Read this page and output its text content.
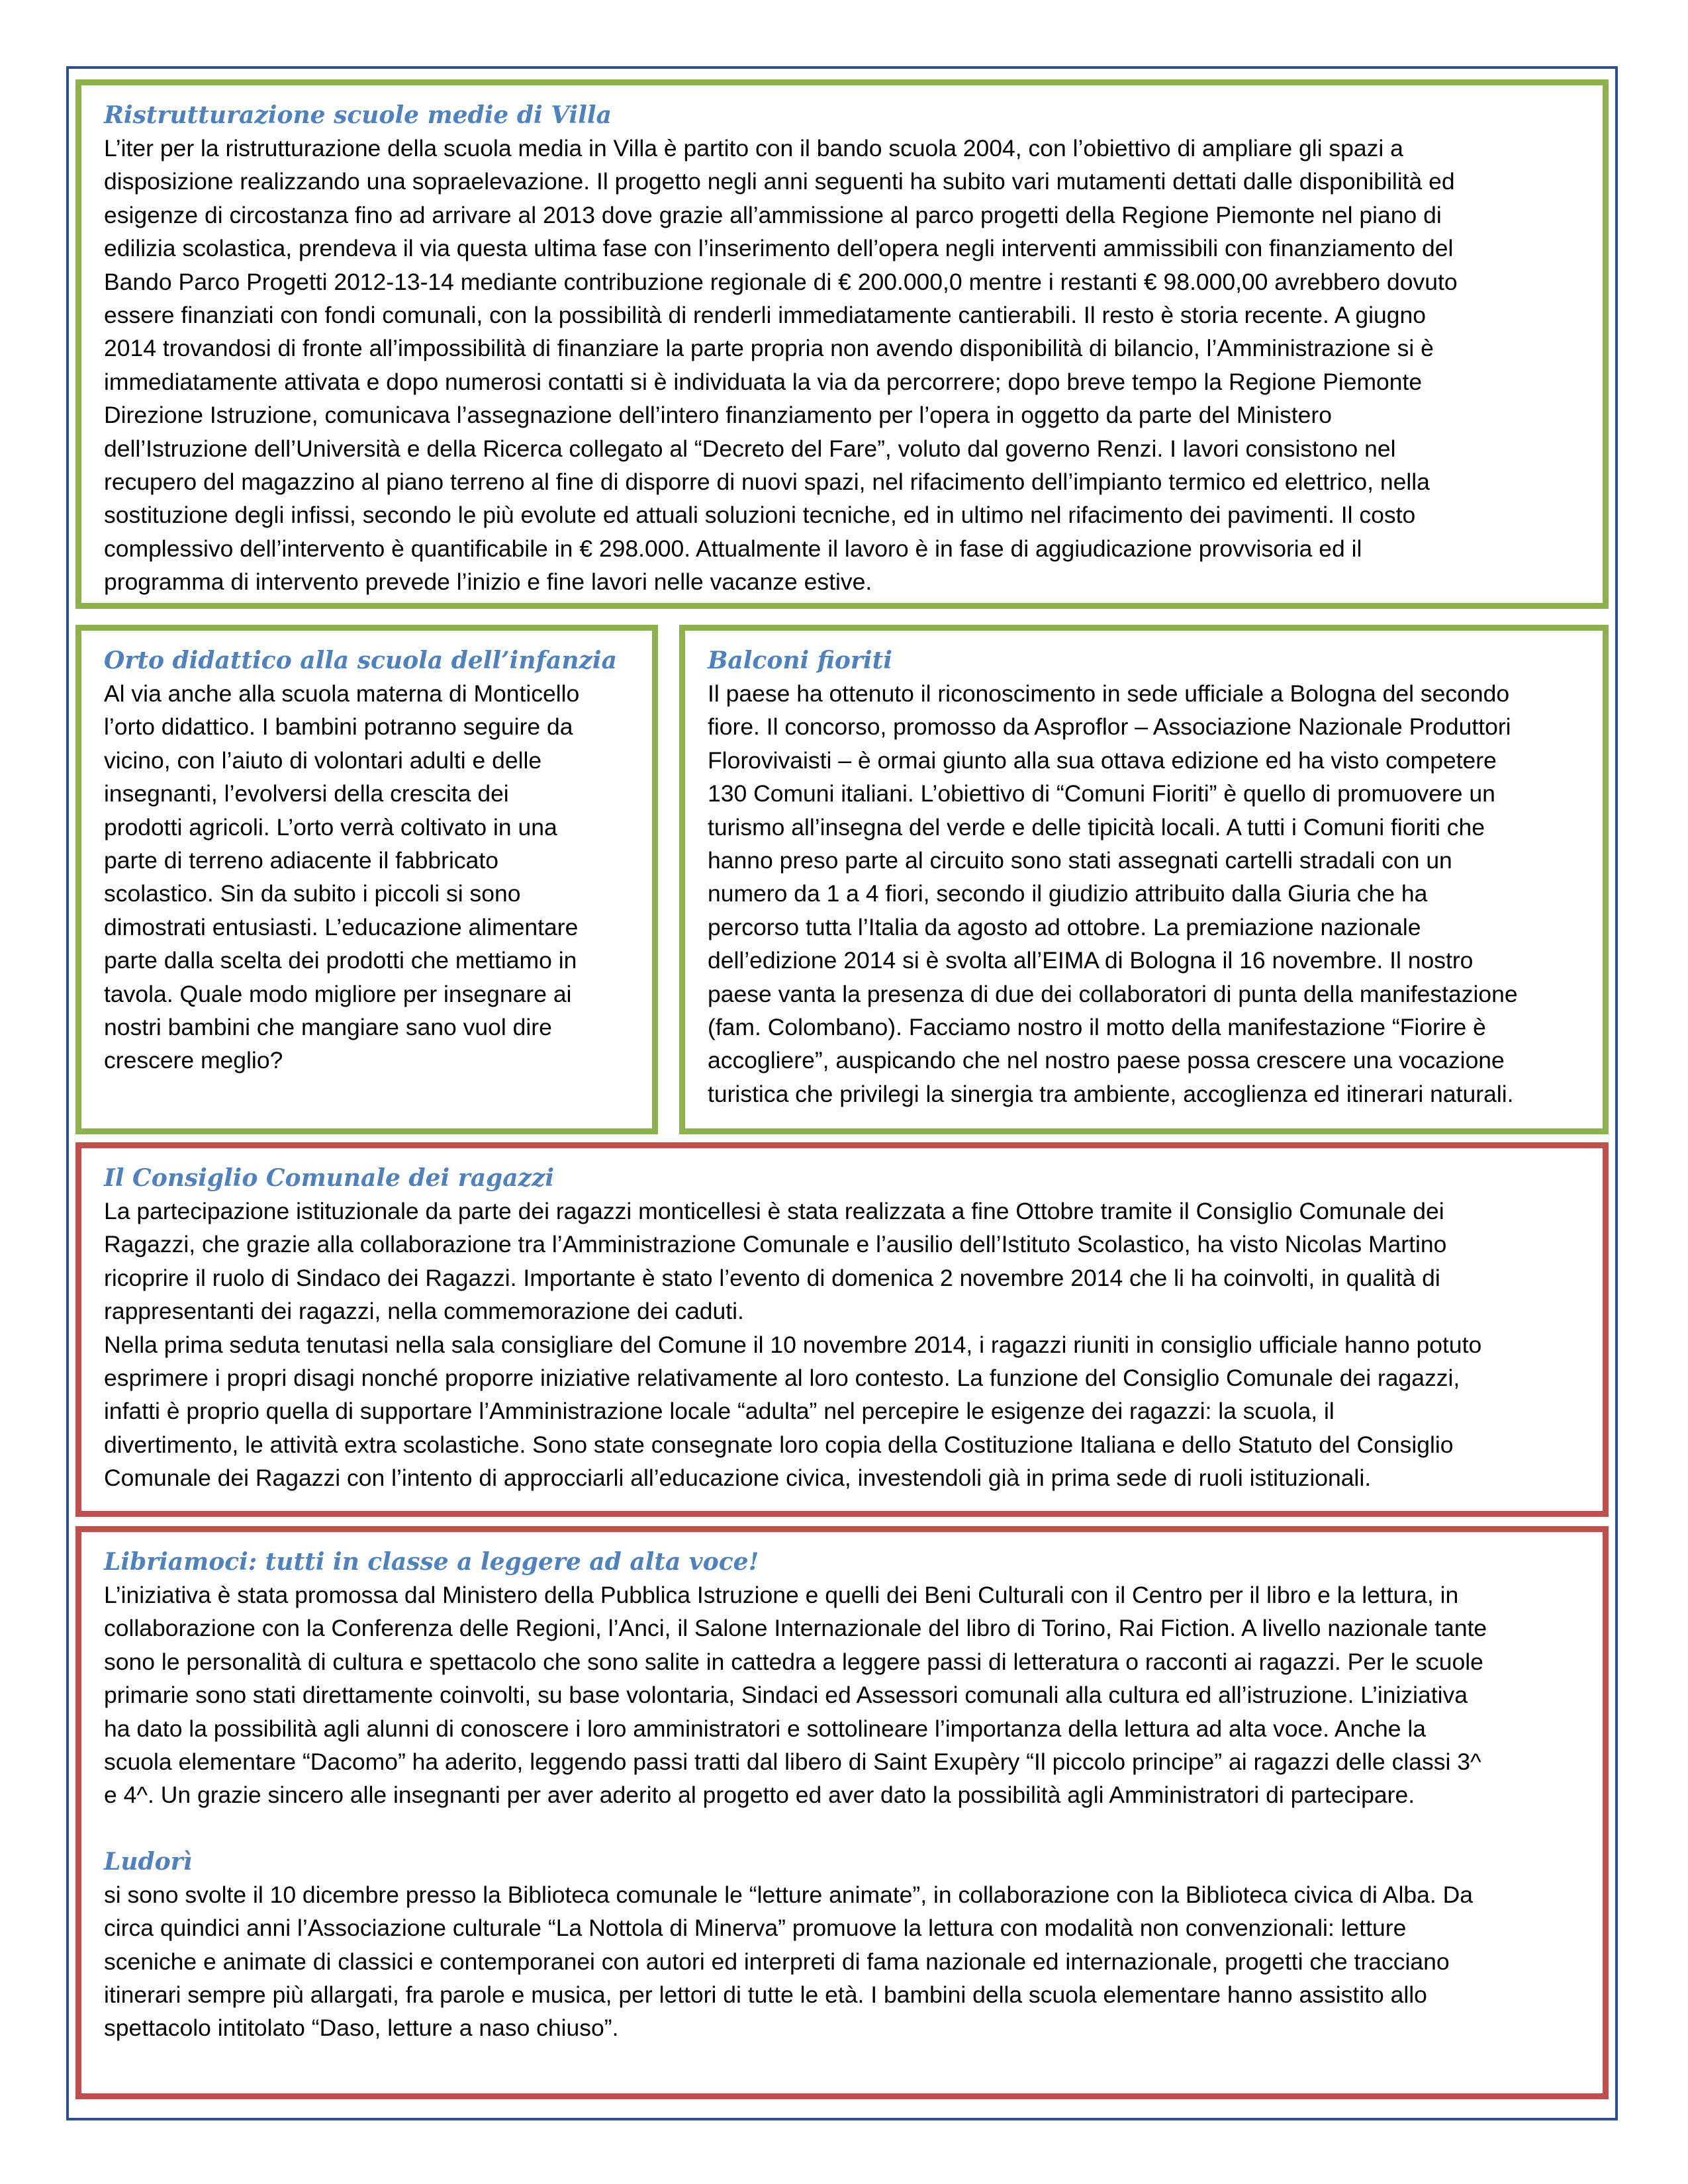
Ristrutturazione scuole medie di Villa
L’iter per la ristrutturazione della scuola media in Villa è partito con il bando scuola 2004, con l’obiettivo di ampliare gli spazi a
disposizione realizzando una sopraelevazione. Il progetto negli anni seguenti ha subito vari mutamenti dettati dalle disponibilità ed
esigenze di circostanza fino ad arrivare al 2013 dove grazie all’ammissione al parco progetti della Regione Piemonte nel piano di
edilizia scolastica, prendeva il via questa ultima fase con l’inserimento dell’opera negli interventi ammissibili con finanziamento del
Bando Parco Progetti 2012-13-14 mediante contribuzione regionale di € 200.000,0 mentre i restanti € 98.000,00 avrebbero dovuto
essere finanziati con fondi comunali, con la possibilità di renderli immediatamente cantierabili. Il resto è storia recente. A giugno
2014 trovandosi di fronte all’impossibilità di finanziare la parte propria non avendo disponibilità di bilancio, l’Amministrazione si è
immediatamente attivata e dopo numerosi contatti si è individuata la via da percorrere; dopo breve tempo la Regione Piemonte
Direzione Istruzione, comunicava l’assegnazione dell’intero finanziamento per l’opera in oggetto da parte del Ministero
dell’Istruzione dell’Università e della Ricerca collegato al “Decreto del Fare”, voluto dal governo Renzi. I lavori consistono nel
recupero del magazzino al piano terreno al fine di disporre di nuovi spazi, nel rifacimento dell’impianto termico ed elettrico, nella
sostituzione degli infissi, secondo le più evolute ed attuali soluzioni tecniche, ed in ultimo nel rifacimento dei pavimenti. Il costo
complessivo dell’intervento è quantificabile in € 298.000. Attualmente il lavoro è in fase di aggiudicazione provvisoria ed il
programma di intervento prevede l’inizio e fine lavori nelle vacanze estive.
Orto didattico alla scuola dell’infanzia
Al via anche alla scuola materna di Monticello
l’orto didattico. I bambini potranno seguire da
vicino, con l’aiuto di volontari adulti e delle
insegnanti, l’evolversi della crescita dei
prodotti agricoli. L’orto verrà coltivato in una
parte di terreno adiacente il fabbricato
scolastico. Sin da subito i piccoli si sono
dimostrati entusiasti. L’educazione alimentare
parte dalla scelta dei prodotti che mettiamo in
tavola. Quale modo migliore per insegnare ai
nostri bambini che mangiare sano vuol dire
crescere meglio?
Balconi fioriti
Il paese ha ottenuto il riconoscimento in sede ufficiale a Bologna del secondo
fiore. Il concorso, promosso da Asproflor – Associazione Nazionale Produttori
Florovivaisti – è ormai giunto alla sua ottava edizione ed ha visto competere
130 Comuni italiani. L’obiettivo di “Comuni Fioriti” è quello di promuovere un
turismo all’insegna del verde e delle tipicità locali. A tutti i Comuni fioriti che
hanno preso parte al circuito sono stati assegnati cartelli stradali con un
numero da 1 a 4 fiori, secondo il giudizio attribuito dalla Giuria che ha
percorso tutta l’Italia da agosto ad ottobre. La premiazione nazionale
dell’edizione 2014 si è svolta all’EIMA di Bologna il 16 novembre. Il nostro
paese vanta la presenza di due dei collaboratori di punta della manifestazione
(fam. Colombano). Facciamo nostro il motto della manifestazione “Fiorire è
accogliere”, auspicando che nel nostro paese possa crescere una vocazione
turistica che privilegi la sinergia tra ambiente, accoglienza ed itinerari naturali.
Il Consiglio Comunale dei ragazzi
La partecipazione istituzionale da parte dei ragazzi monticellesi è stata realizzata a fine Ottobre tramite il Consiglio Comunale dei
Ragazzi, che grazie alla collaborazione tra l’Amministrazione Comunale e l’ausilio dell’Istituto Scolastico, ha visto Nicolas Martino
ricoprire il ruolo di Sindaco dei Ragazzi. Importante è stato l’evento di domenica 2 novembre 2014 che li ha coinvolti, in qualità di
rappresentanti dei ragazzi, nella commemorazione dei caduti.
Nella prima seduta tenutasi nella sala consigliare del Comune il 10 novembre 2014, i ragazzi riuniti in consiglio ufficiale hanno potuto
esprimere i propri disagi nonché proporre iniziative relativamente al loro contesto. La funzione del Consiglio Comunale dei ragazzi,
infatti è proprio quella di supportare l’Amministrazione locale “adulta” nel percepire le esigenze dei ragazzi: la scuola, il
divertimento, le attività extra scolastiche. Sono state consegnate loro copia della Costituzione Italiana e dello Statuto del Consiglio
Comunale dei Ragazzi con l’intento di approcciarli all’educazione civica, investendoli già in prima sede di ruoli istituzionali.
Libriamoci: tutti in classe a leggere ad alta voce!
L’iniziativa è stata promossa dal Ministero della Pubblica Istruzione e quelli dei Beni Culturali con il Centro per il libro e la lettura, in
collaborazione con la Conferenza delle Regioni, l’Anci, il Salone Internazionale del libro di Torino, Rai Fiction. A livello nazionale tante
sono le personalità di cultura e spettacolo che sono salite in cattedra a leggere passi di letteratura o racconti ai ragazzi. Per le scuole
primarie sono stati direttamente coinvolti, su base volontaria, Sindaci ed Assessori comunali alla cultura ed all’istruzione. L’iniziativa
ha dato la possibilità agli alunni di conoscere i loro amministratori e sottolineare l’importanza della lettura ad alta voce. Anche la
scuola elementare “Dacomo” ha aderito, leggendo passi tratti dal libero di Saint Exupèry “Il piccolo principe” ai ragazzi delle classi 3^
e 4^. Un grazie sincero alle insegnanti per aver aderito al progetto ed aver dato la possibilità agli Amministratori di partecipare.
Ludorì
si sono svolte il 10 dicembre presso la Biblioteca comunale le “letture animate”, in collaborazione con la Biblioteca civica di Alba. Da
circa quindici anni l’Associazione culturale “La Nottola di Minerva” promuove la lettura con modalità non convenzionali: letture
sceniche e animate di classici e contemporanei con autori ed interpreti di fama nazionale ed internazionale, progetti che tracciano
itinerari sempre più allargati, fra parole e musica, per lettori di tutte le età. I bambini della scuola elementare hanno assistito allo
spettacolo intitolato “Daso, letture a naso chiuso”.
